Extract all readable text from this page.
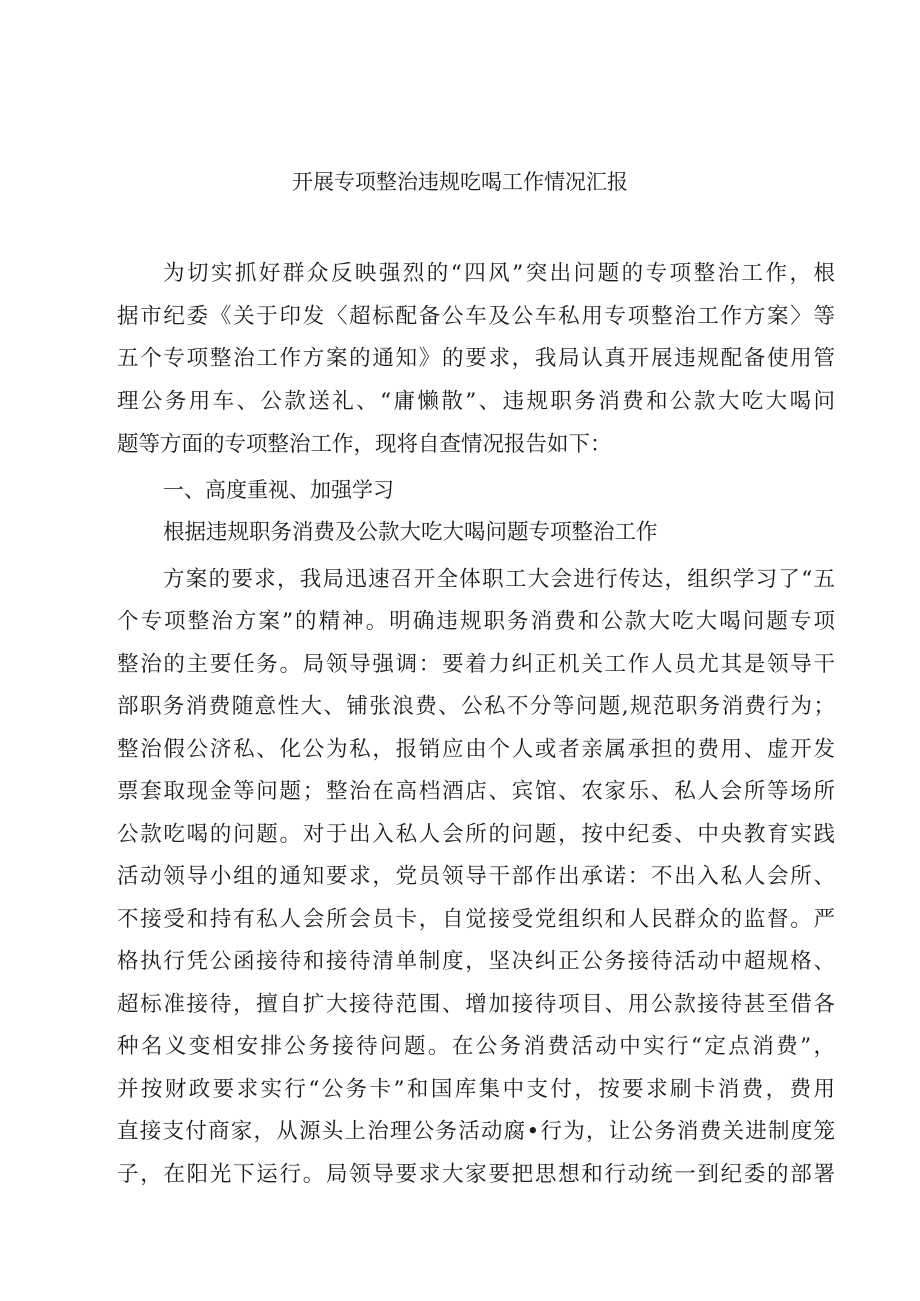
开展专项整治违规吃喝工作情况汇报

为切实抓好群众反映强烈的“四风”突出问题的专项整治工作，根

据市纪委《关于印发〈超标配备公车及公车私用专项整治工作方案〉等

五个专项整治工作方案的通知》的要求，我局认真开展违规配备使用管

理公务用车、公款送礼、“庸懒散”、违规职务消费和公款大吃大喝问

题等方面的专项整治工作，现将自查情况报告如下：

一、高度重视、加强学习

根据违规职务消费及公款大吃大喝问题专项整治工作

方案的要求，我局迅速召开全体职工大会进行传达，组织学习了“五

个专项整治方案”的精神。明确违规职务消费和公款大吃大喝问题专项

整治的主要任务。局领导强调：要着力纠正机关工作人员尤其是领导干

部职务消费随意性大、铺张浪费、公私不分等问题,规范职务消费行为；

整治假公济私、化公为私，报销应由个人或者亲属承担的费用、虚开发

票套取现金等问题；整治在高档酒店、宾馆、农家乐、私人会所等场所

公款吃喝的问题。对于出入私人会所的问题，按中纪委、中央教育实践

活动领导小组的通知要求，党员领导干部作出承诺：不出入私人会所、

不接受和持有私人会所会员卡，自觉接受党组织和人民群众的监督。严

格执行凭公函接待和接待清单制度，坚决纠正公务接待活动中超规格、

超标准接待，擅自扩大接待范围、增加接待项目、用公款接待甚至借各

种名义变相安排公务接待问题。在公务消费活动中实行“定点消费”，

并按财政要求实行“公务卡”和国库集中支付，按要求刷卡消费，费用

直接支付商家，从源头上治理公务活动腐•行为，让公务消费关进制度笼

子，在阳光下运行。局领导要求大家要把思想和行动统一到纪委的部署
